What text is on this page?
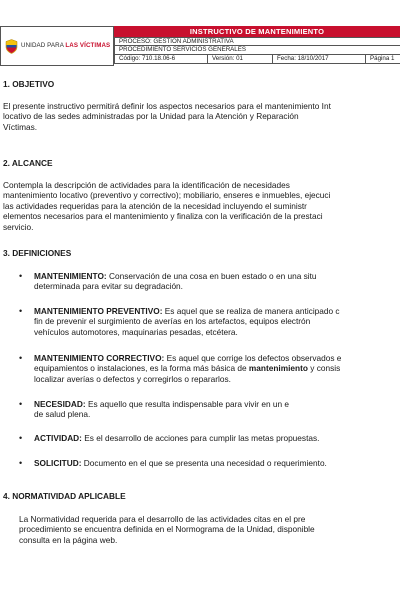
UNIDAD PARA LAS VÍCTIMAS
INSTRUCTIVO DE MANTENIMIENTO
PROCESO: GESTION ADMINISTRATIVA
PROCEDIMIENTO SERVICIOS GENERALES
Código: 710.18.06-6	Versión: 01	Fecha: 18/10/2017	Página 1
1. OBJETIVO
El presente instructivo permitirá definir los aspectos necesarios para el mantenimiento Int
locativo de las sedes administradas por la Unidad para la Atención y Reparación
Víctimas.
2. ALCANCE
Contempla la descripción de actividades para la identificación de necesidades
mantenimiento locativo (preventivo y correctivo); mobiliario, enseres e inmuebles, ejecuci
las actividades requeridas para la atención de la necesidad incluyendo el suministr
elementos necesarios para el mantenimiento y finaliza con la verificación de la prestaci
servicio.
3. DEFINICIONES
• MANTENIMIENTO: Conservación de una cosa en buen estado o en una situ
determinada para evitar su degradación.
• MANTENIMIENTO PREVENTIVO: Es aquel que se realiza de manera anticipado c
fin de prevenir el surgimiento de averías en los artefactos, equipos electrón
vehículos automotores, maquinarias pesadas, etcétera.
• MANTENIMIENTO CORRECTIVO: Es aquel que corrige los defectos observados e
equipamientos o instalaciones, es la forma más básica de mantenimiento y consis
localizar averías o defectos y corregirlos o repararlos.
• NECESIDAD: Es aquello que resulta indispensable para vivir en un e
de salud plena.
• ACTIVIDAD: Es el desarrollo de acciones para cumplir las metas propuestas.
• SOLICITUD: Documento en el que se presenta una necesidad o requerimiento.
4. NORMATIVIDAD APLICABLE
La Normatividad requerida para el desarrollo de las actividades citas en el pre
procedimiento se encuentra definida en el Normograma de la Unidad, disponible
consulta en la página web.
